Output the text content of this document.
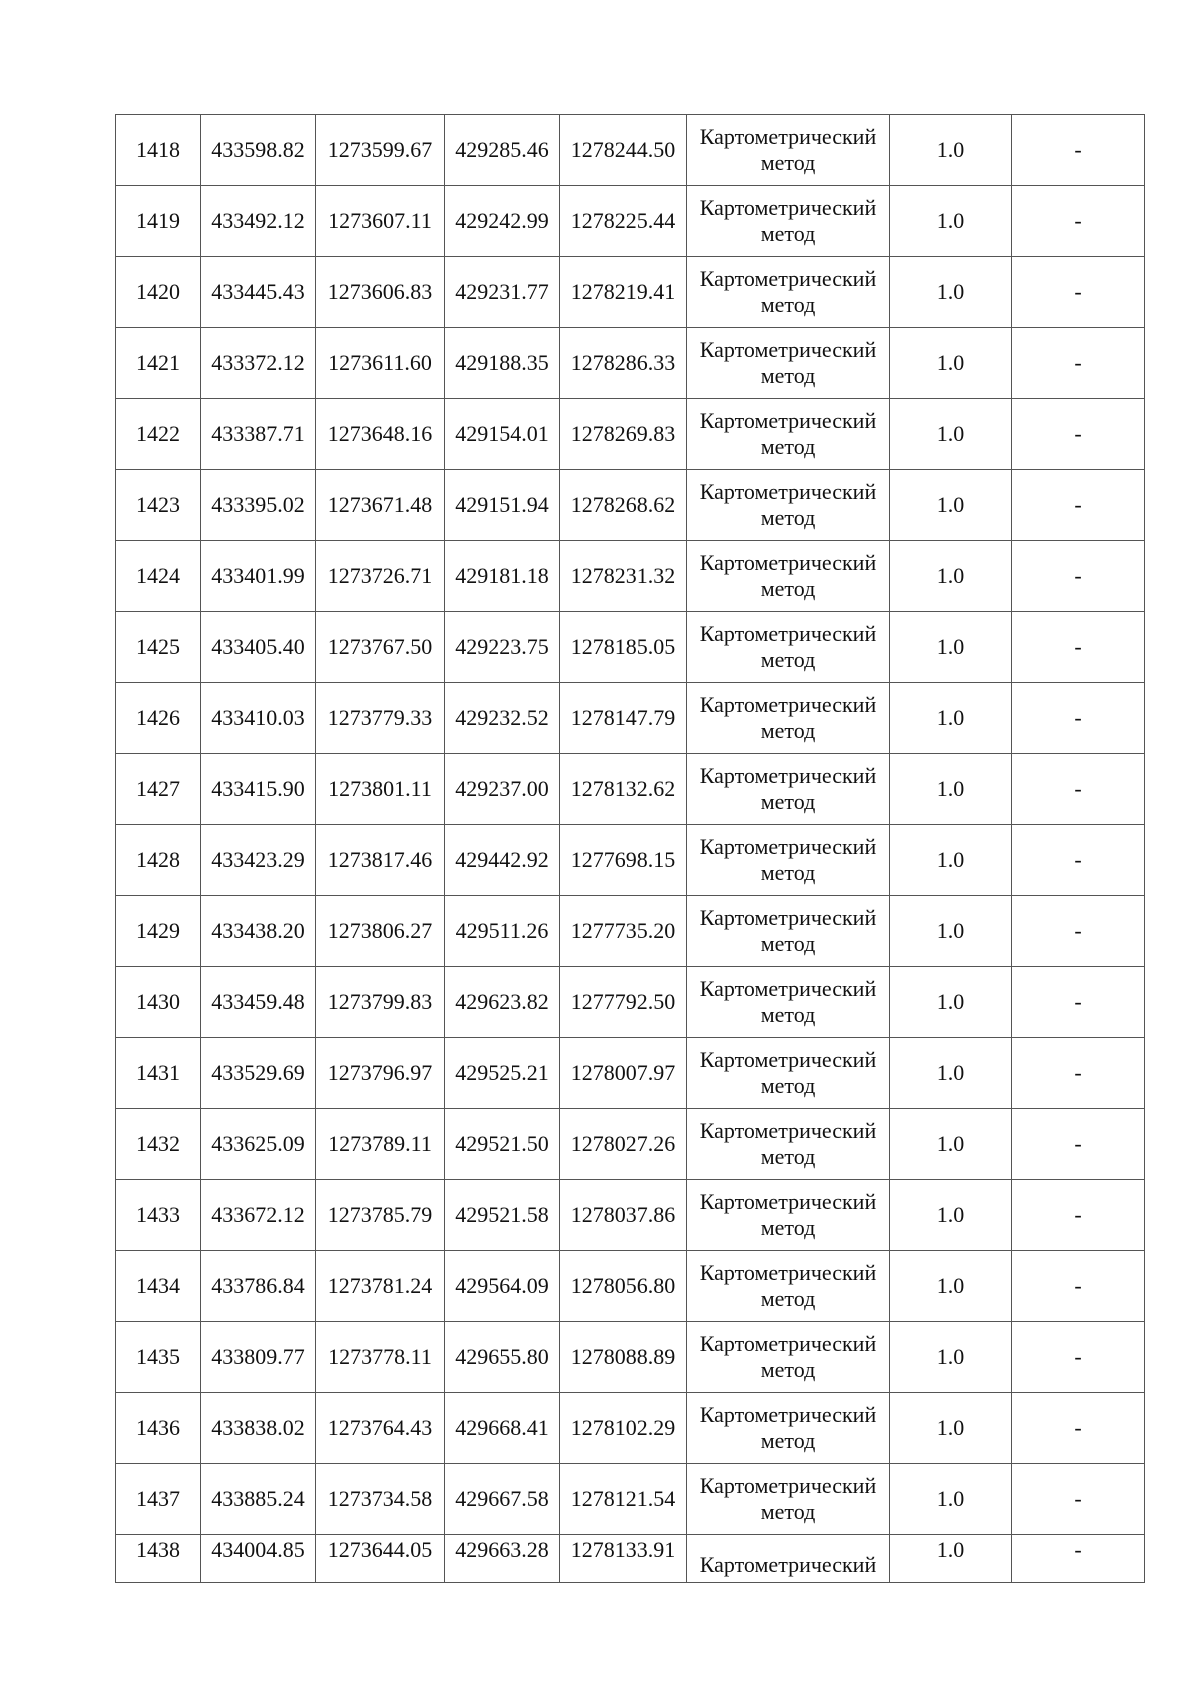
1418	433598.82	1273599.67	429285.46	1278244.50	Картометрический метод	1.0	-
1419	433492.12	1273607.11	429242.99	1278225.44	Картометрический метод	1.0	-
1420	433445.43	1273606.83	429231.77	1278219.41	Картометрический метод	1.0	-
1421	433372.12	1273611.60	429188.35	1278286.33	Картометрический метод	1.0	-
1422	433387.71	1273648.16	429154.01	1278269.83	Картометрический метод	1.0	-
1423	433395.02	1273671.48	429151.94	1278268.62	Картометрический метод	1.0	-
1424	433401.99	1273726.71	429181.18	1278231.32	Картометрический метод	1.0	-
1425	433405.40	1273767.50	429223.75	1278185.05	Картометрический метод	1.0	-
1426	433410.03	1273779.33	429232.52	1278147.79	Картометрический метод	1.0	-
1427	433415.90	1273801.11	429237.00	1278132.62	Картометрический метод	1.0	-
1428	433423.29	1273817.46	429442.92	1277698.15	Картометрический метод	1.0	-
1429	433438.20	1273806.27	429511.26	1277735.20	Картометрический метод	1.0	-
1430	433459.48	1273799.83	429623.82	1277792.50	Картометрический метод	1.0	-
1431	433529.69	1273796.97	429525.21	1278007.97	Картометрический метод	1.0	-
1432	433625.09	1273789.11	429521.50	1278027.26	Картометрический метод	1.0	-
1433	433672.12	1273785.79	429521.58	1278037.86	Картометрический метод	1.0	-
1434	433786.84	1273781.24	429564.09	1278056.80	Картометрический метод	1.0	-
1435	433809.77	1273778.11	429655.80	1278088.89	Картометрический метод	1.0	-
1436	433838.02	1273764.43	429668.41	1278102.29	Картометрический метод	1.0	-
1437	433885.24	1273734.58	429667.58	1278121.54	Картометрический метод	1.0	-
1438	434004.85	1273644.05	429663.28	1278133.91	Картометрический	1.0	-
